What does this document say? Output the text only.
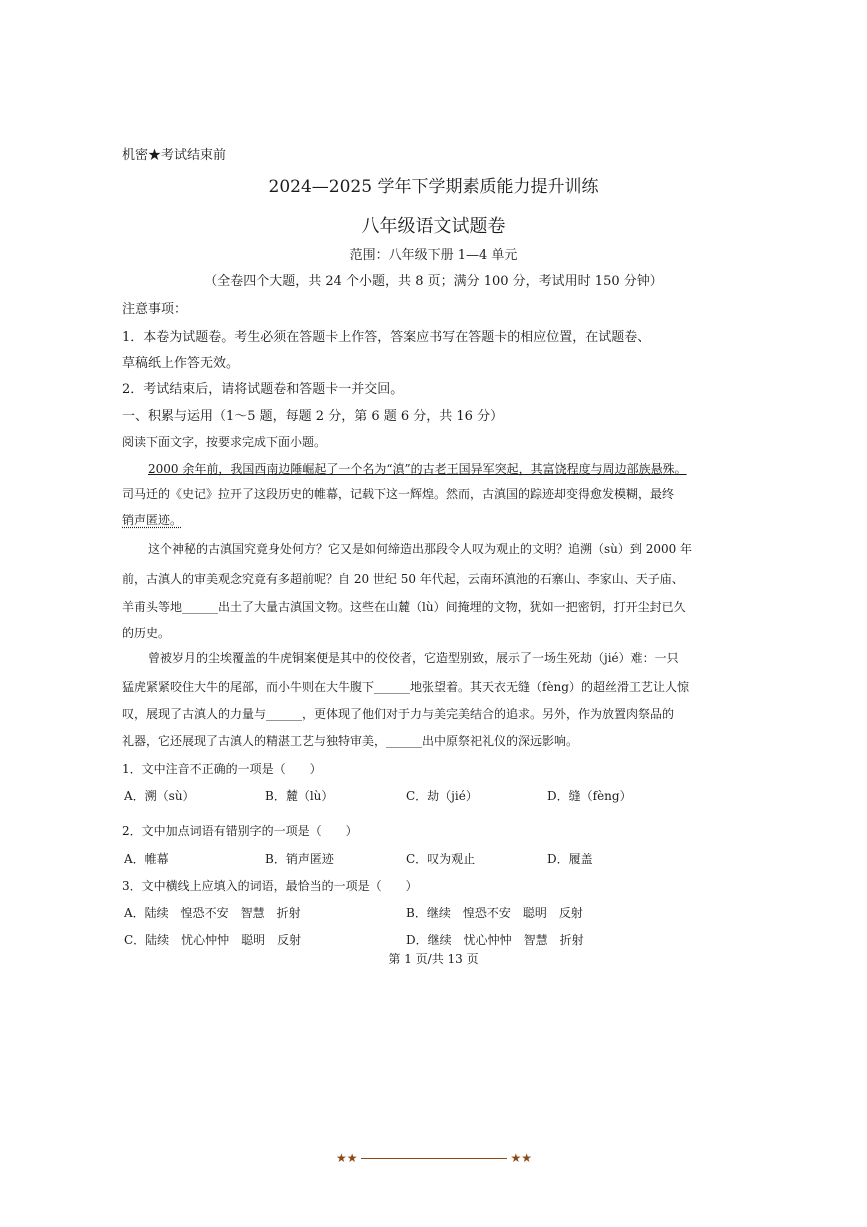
机密★考试结束前
2024—2025 学年下学期素质能力提升训练
八年级语文试题卷
范围：八年级下册 1—4 单元
（全卷四个大题，共 24 个小题，共 8 页；满分 100 分，考试用时 150 分钟）
注意事项：
1．本卷为试题卷。考生必须在答题卡上作答，答案应书写在答题卡的相应位置，在试题卷、
草稿纸上作答无效。
2．考试结束后，请将试题卷和答题卡一并交回。
一、积累与运用（1～5 题，每题 2 分，第 6 题 6 分，共 16 分）
阅读下面文字，按要求完成下面小题。
2000 余年前，我国西南边陲崛起了一个名为“滇”的古老王国异军突起，其富饶程度与周边部族悬殊。
司马迁的《史记》拉开了这段历史的帷幕，记载下这一辉煌。然而，古滇国的踪迹却变得愈发模糊，最终
销声匿迹。
这个神秘的古滇国究竟身处何方？它又是如何缔造出那段令人叹为观止的文明？追溯（sù）到 2000 年
前，古滇人的审美观念究竟有多超前呢？自 20 世纪 50 年代起，云南环滇池的石寨山、李家山、天子庙、
羊甫头等地______出土了大量古滇国文物。这些在山麓（lù）间掩埋的文物，犹如一把密钥，打开尘封已久
的历史。
曾被岁月的尘埃覆盖的牛虎铜案便是其中的佼佼者，它造型别致，展示了一场生死劫（jié）难：一只
猛虎紧紧咬住大牛的尾部，而小牛则在大牛腹下______地张望着。其天衣无缝（fèng）的超丝滑工艺让人惊
叹，展现了古滇人的力量与______，更体现了他们对于力与美完美结合的追求。另外，作为放置肉祭品的
礼器，它还展现了古滇人的精湛工艺与独特审美，______出中原祭祀礼仪的深远影响。
1．文中注音不正确的一项是（　　）
A．溯（sù）	B．麓（lù）	C．劫（jié）	D．缝（fèng）
2．文中加点词语有错别字的一项是（　　）
A．帷幕	B．销声匿迹	C．叹为观止	D．履盖
3．文中横线上应填入的词语，最恰当的一项是（　　）
A．陆续　惶恐不安　智慧　折射	B．继续　惶恐不安　聪明　反射
C．陆续　忧心忡忡　聪明　反射	D．继续　忧心忡忡　智慧　折射
第 1 页/共 13 页
★★	★★
